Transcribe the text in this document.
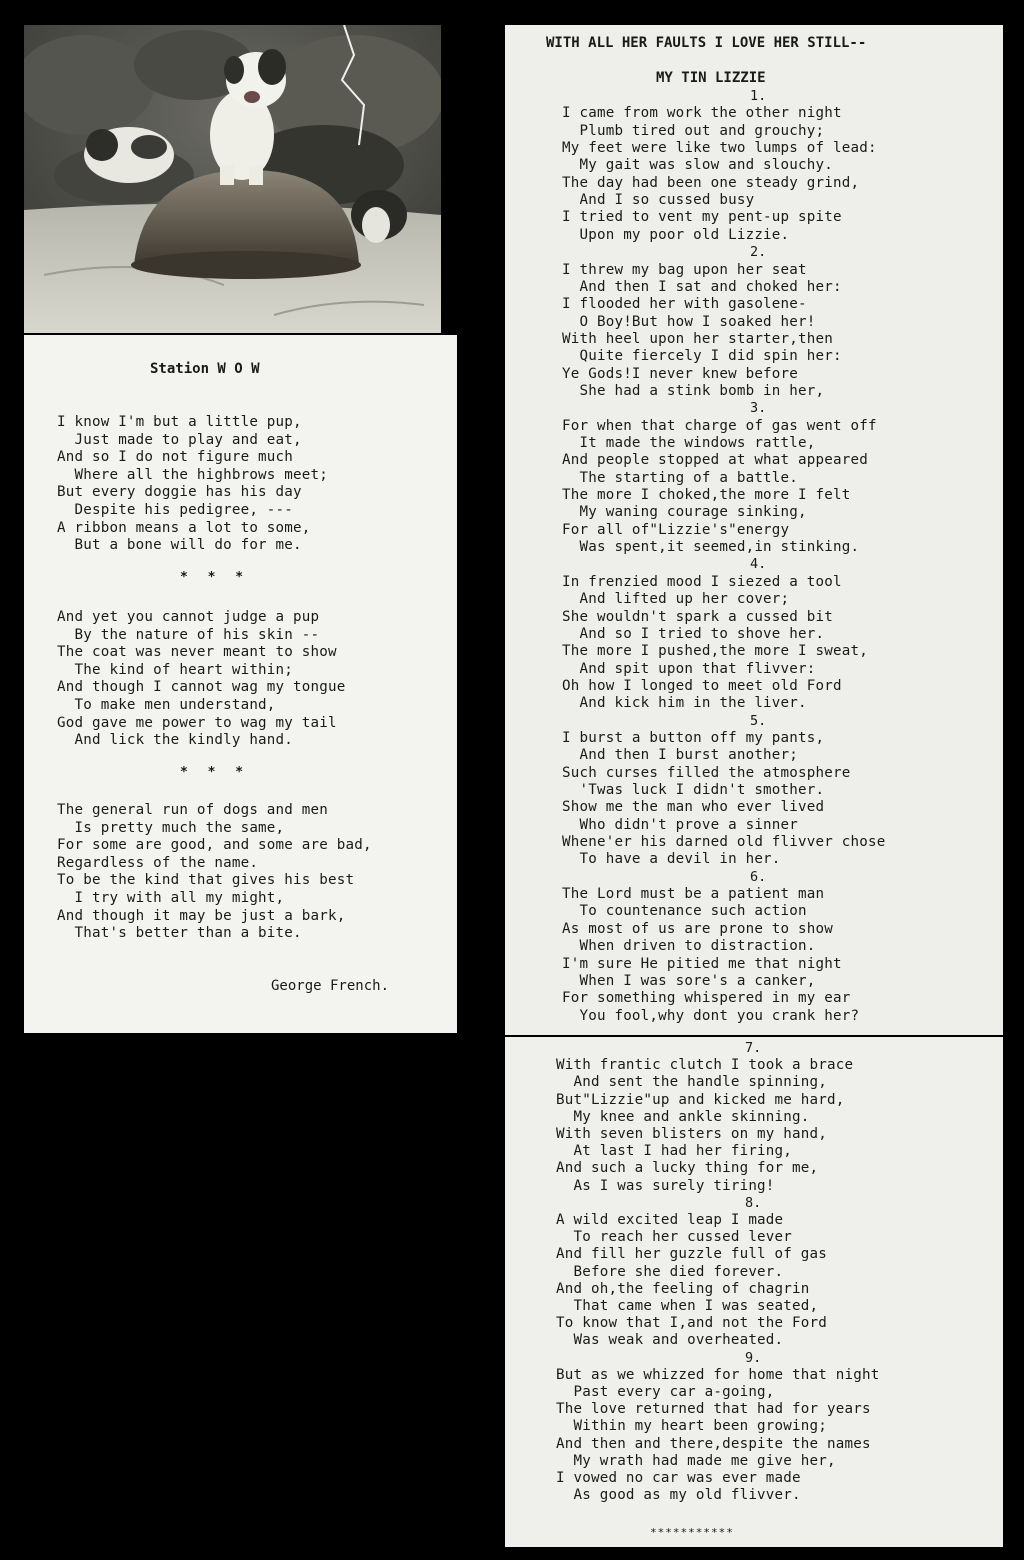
Station W O W
I know I'm but a little pup,
Just made to play and eat,
And so I do not figure much
Where all the highbrows meet;
But every doggie has his day
Despite his pedigree, ---
A ribbon means a lot to some,
But a bone will do for me.
And yet you cannot judge a pup
By the nature of his skin --
The coat was never meant to show
The kind of heart within;
And though I cannot wag my tongue
To make men understand,
God gave me power to wag my tail
And lick the kindly hand.
The general run of dogs and men
Is pretty much the same,
For some are good, and some are bad,
Regardless of the name.
To be the kind that gives his best
I try with all my might,
And though it may be just a bark,
That's better than a bite.
* * *
* * *
George French.
WITH ALL HER FAULTS I LOVE HER STILL--
MY TIN LIZZIE
1.
I came from work the other night
Plumb tired out and grouchy;
My feet were like two lumps of lead:
My gait was slow and slouchy.
The day had been one steady grind,
And I so cussed busy
I tried to vent my pent-up spite
Upon my poor old Lizzie.
2.
I threw my bag upon her seat
And then I sat and choked her:
I flooded her with gasolene-
O Boy!But how I soaked her!
With heel upon her starter,then
Quite fiercely I did spin her:
Ye Gods!I never knew before
She had a stink bomb in her,
3.
For when that charge of gas went off
It made the windows rattle,
And people stopped at what appeared
The starting of a battle.
The more I choked,the more I felt
My waning courage sinking,
For all of"Lizzie's"energy
Was spent,it seemed,in stinking.
4.
In frenzied mood I siezed a tool
And lifted up her cover;
She wouldn't spark a cussed bit
And so I tried to shove her.
The more I pushed,the more I sweat,
And spit upon that flivver:
Oh how I longed to meet old Ford
And kick him in the liver.
5.
I burst a button off my pants,
And then I burst another;
Such curses filled the atmosphere
'Twas luck I didn't smother.
Show me the man who ever lived
Who didn't prove a sinner
Whene'er his darned old flivver chose
To have a devil in her.
6.
The Lord must be a patient man
To countenance such action
As most of us are prone to show
When driven to distraction.
I'm sure He pitied me that night
When I was sore's a canker,
For something whispered in my ear
You fool,why dont you crank her?
7.
With frantic clutch I took a brace
And sent the handle spinning,
But"Lizzie"up and kicked me hard,
My knee and ankle skinning.
With seven blisters on my hand,
At last I had her firing,
And such a lucky thing for me,
As I was surely tiring!
8.
A wild excited leap I made
To reach her cussed lever
And fill her guzzle full of gas
Before she died forever.
And oh,the feeling of chagrin
That came when I was seated,
To know that I,and not the Ford
Was weak and overheated.
9.
But as we whizzed for home that night
Past every car a-going,
The love returned that had for years
Within my heart been growing;
And then and there,despite the names
My wrath had made me give her,
I vowed no car was ever made
As good as my old flivver.
***********
